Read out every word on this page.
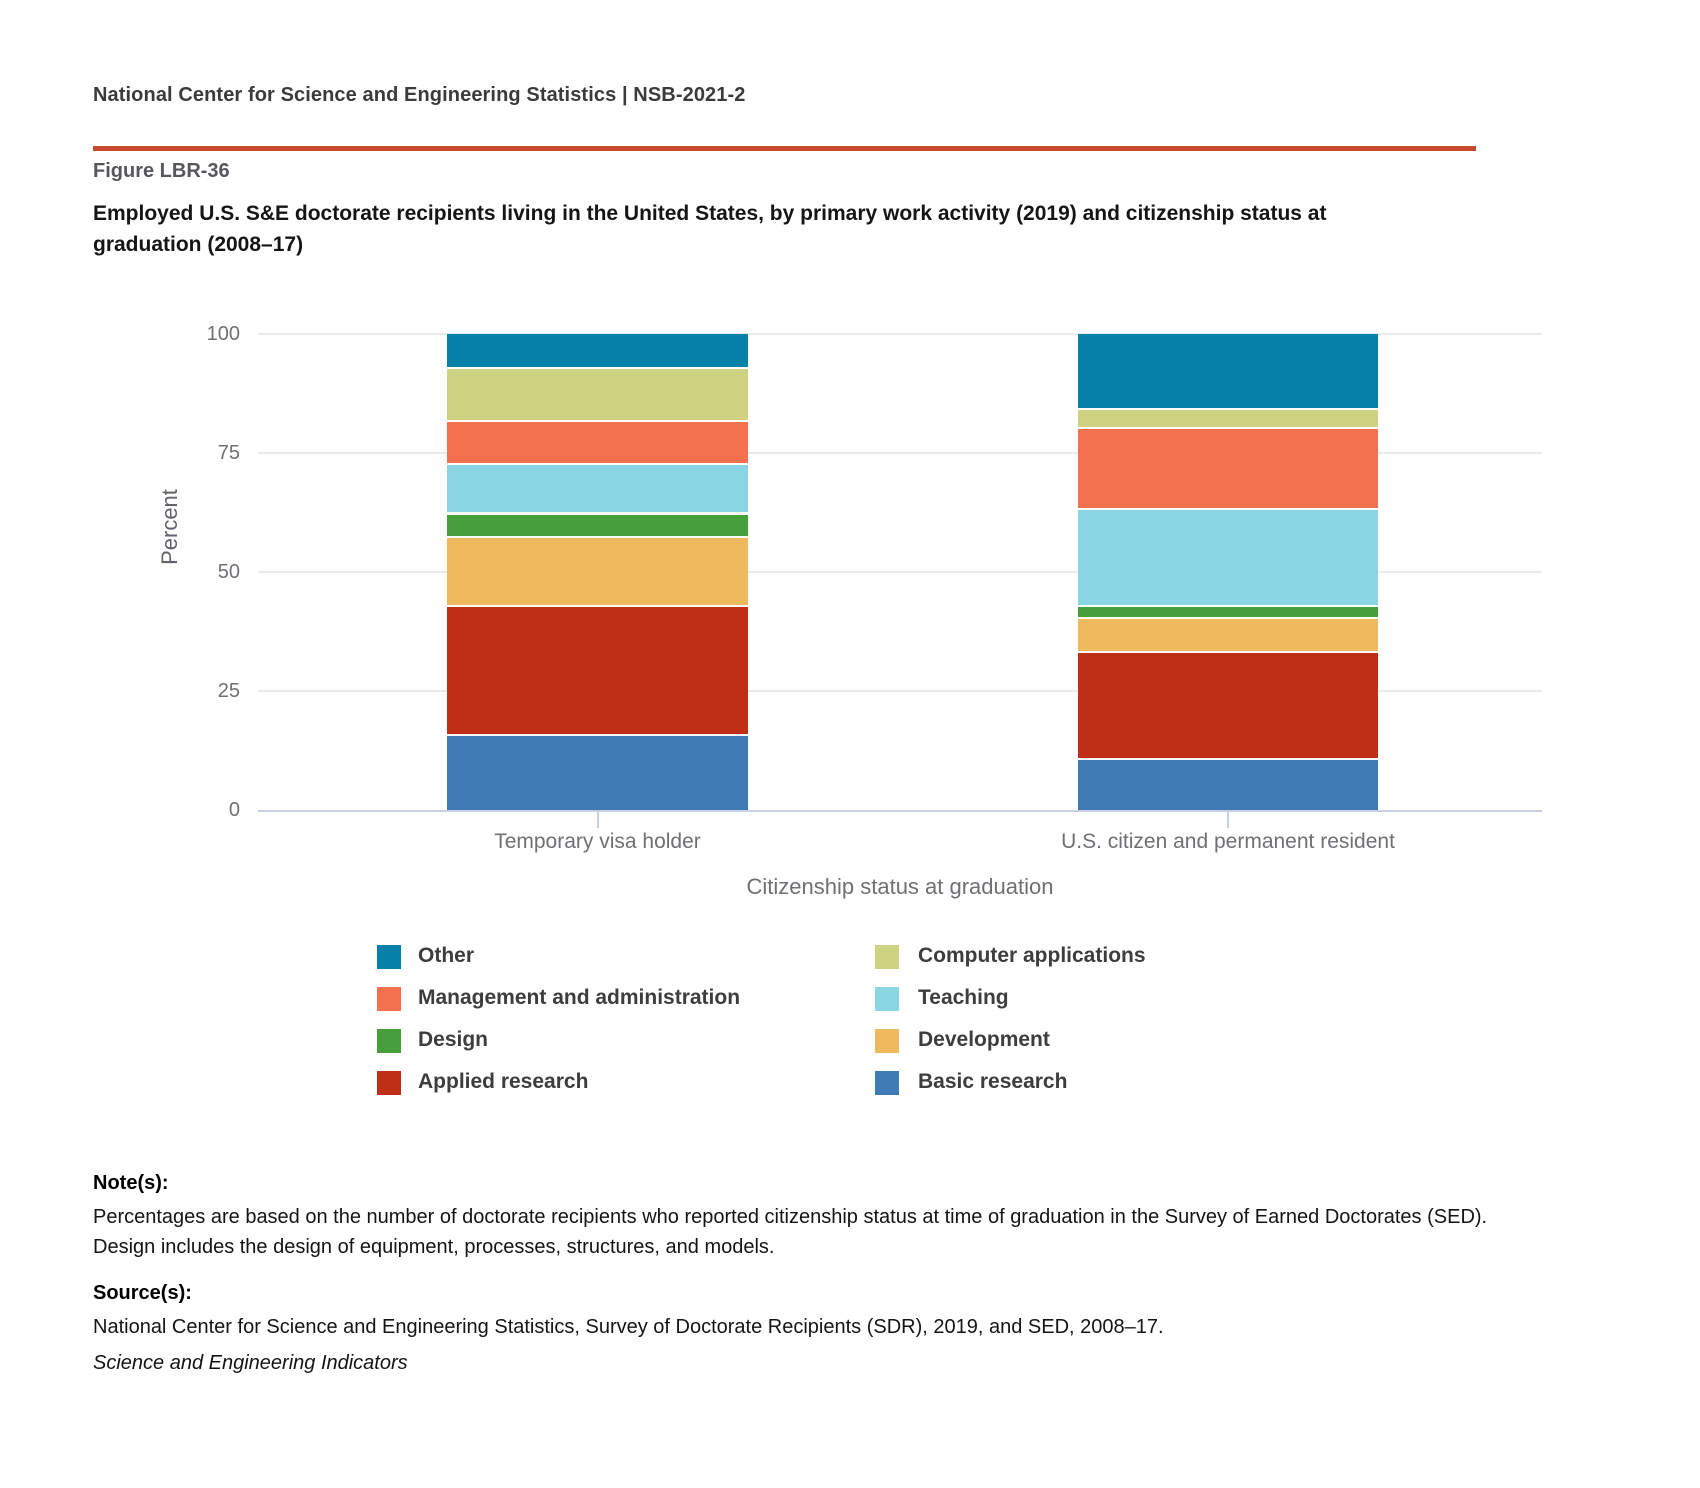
National Center for Science and Engineering Statistics | NSB-2021-2
Figure LBR-36
Employed U.S. S&E doctorate recipients living in the United States, by primary work activity (2019) and citizenship status at graduation (2008–17)
Percent
0
25
50
75
100
Temporary visa holder	U.S. citizen and permanent resident
Other	Computer applications
Management and administration	Teaching
Design	Development
Applied research	Basic research
Citizenship status at graduation
Note(s):
Percentages are based on the number of doctorate recipients who reported citizenship status at time of graduation in the Survey of Earned Doctorates (SED). Design includes the design of equipment, processes, structures, and models.
Source(s):
National Center for Science and Engineering Statistics, Survey of Doctorate Recipients (SDR), 2019, and SED, 2008–17.
Science and Engineering Indicators
